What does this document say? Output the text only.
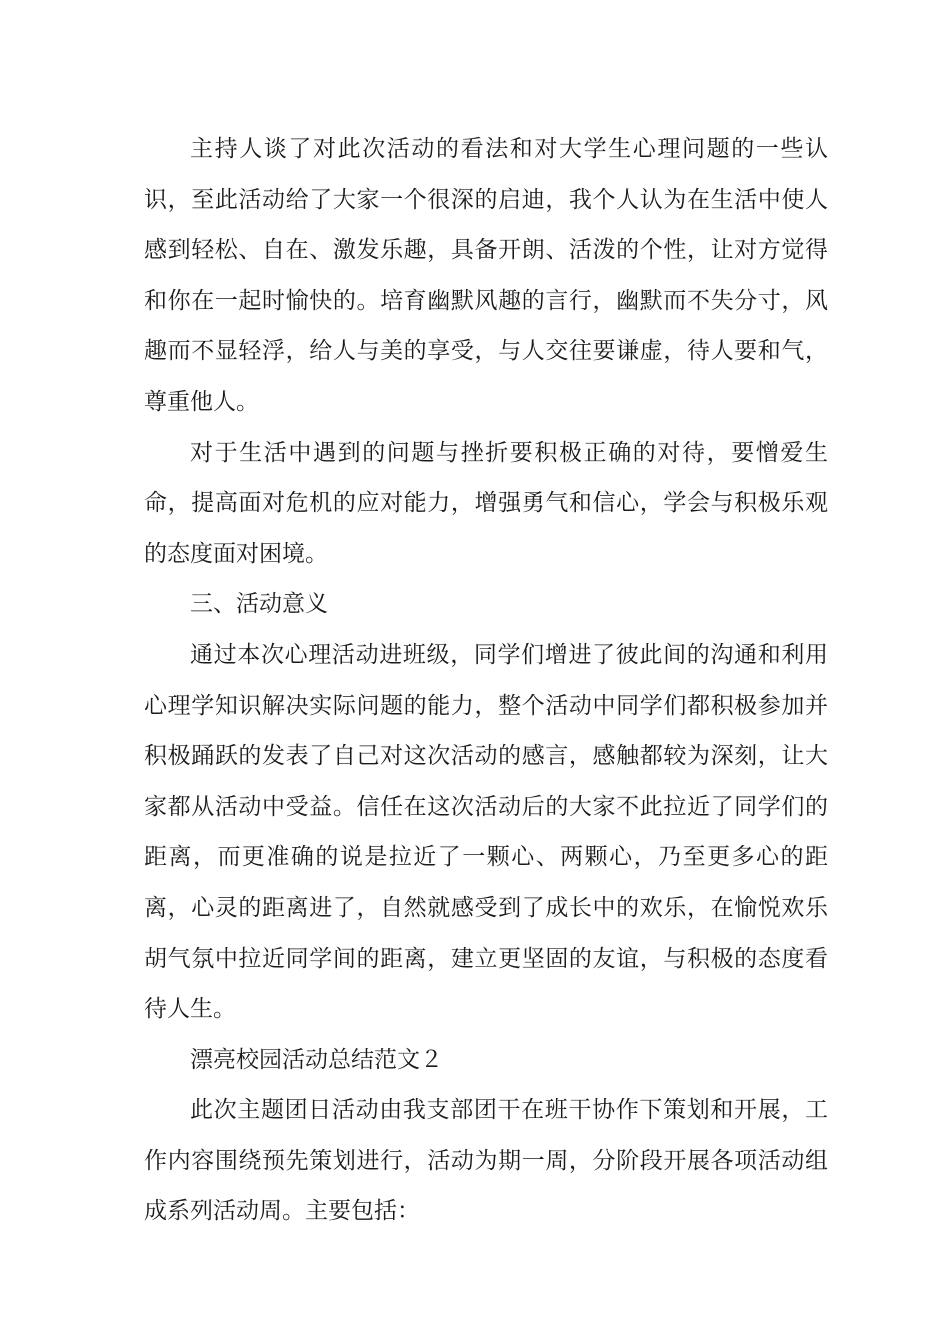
主持人谈了对此次活动的看法和对大学生心理问题的一些认识，至此活动给了大家一个很深的启迪，我个人认为在生活中使人感到轻松、自在、激发乐趣，具备开朗、活泼的个性，让对方觉得和你在一起时愉快的。培育幽默风趣的言行，幽默而不失分寸，风趣而不显轻浮，给人与美的享受，与人交往要谦虚，待人要和气，尊重他人。

对于生活中遇到的问题与挫折要积极正确的对待，要憎爱生命，提高面对危机的应对能力，增强勇气和信心，学会与积极乐观的态度面对困境。

三、活动意义

通过本次心理活动进班级，同学们增进了彼此间的沟通和利用心理学知识解决实际问题的能力，整个活动中同学们都积极参加并积极踊跃的发表了自己对这次活动的感言，感触都较为深刻，让大家都从活动中受益。信任在这次活动后的大家不此拉近了同学们的距离，而更准确的说是拉近了一颗心、两颗心，乃至更多心的距离，心灵的距离进了，自然就感受到了成长中的欢乐，在愉悦欢乐胡气氛中拉近同学间的距离，建立更坚固的友谊，与积极的态度看待人生。

漂亮校园活动总结范文２

此次主题团日活动由我支部团干在班干协作下策划和开展，工作内容围绕预先策划进行，活动为期一周，分阶段开展各项活动组成系列活动周。主要包括：
